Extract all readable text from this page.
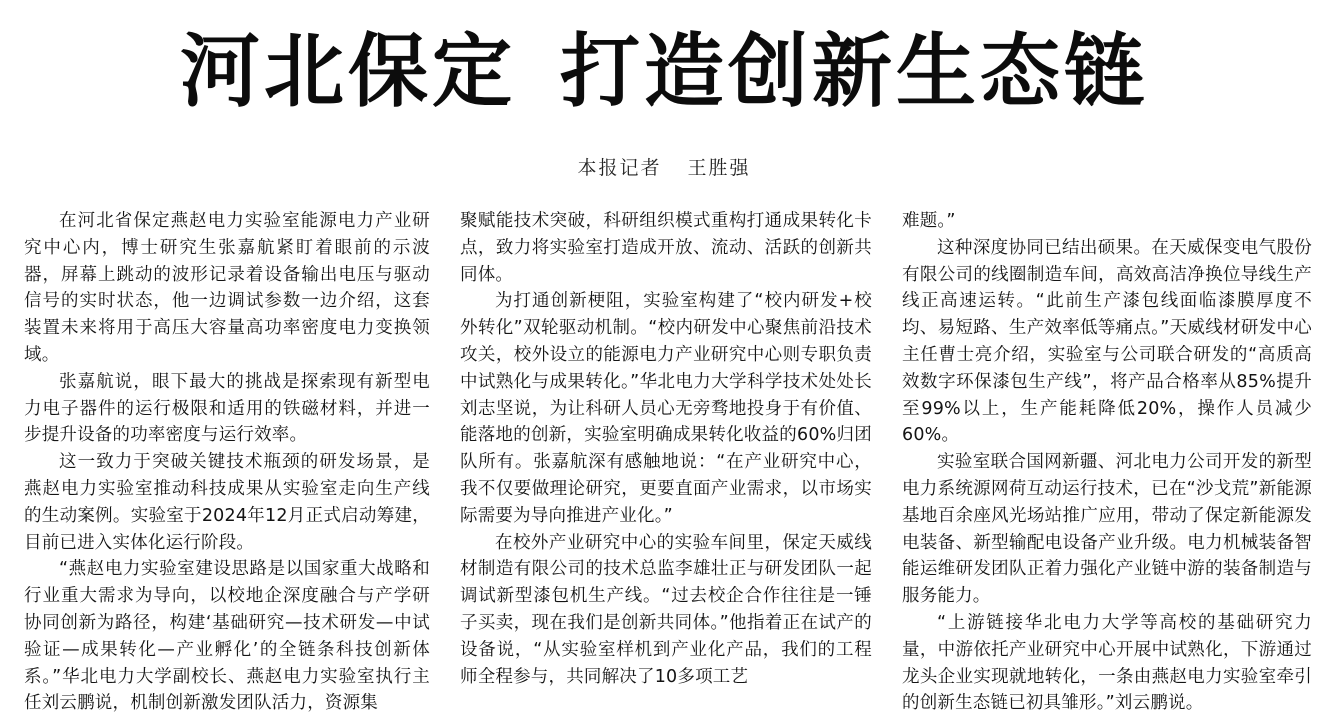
河北保定 打造创新生态链
本报记者 王胜强

在河北省保定燕赵电力实验室能源电力产业研究中心内，博士研究生张嘉航紧盯着眼前的示波器，屏幕上跳动的波形记录着设备输出电压与驱动信号的实时状态，他一边调试参数一边介绍，这套装置未来将用于高压大容量高功率密度电力变换领域。

张嘉航说，眼下最大的挑战是探索现有新型电力电子器件的运行极限和适用的铁磁材料，并进一步提升设备的功率密度与运行效率。

这一致力于突破关键技术瓶颈的研发场景，是燕赵电力实验室推动科技成果从实验室走向生产线的生动案例。实验室于2024年12月正式启动筹建，目前已进入实体化运行阶段。

“燕赵电力实验室建设思路是以国家重大战略和行业重大需求为导向，以校地企深度融合与产学研协同创新为路径，构建‘基础研究—技术研发—中试验证—成果转化—产业孵化’的全链条科技创新体系。”华北电力大学副校长、燕赵电力实验室执行主任刘云鹏说，机制创新激发团队活力，资源集

聚赋能技术突破，科研组织模式重构打通成果转化卡点，致力将实验室打造成开放、流动、活跃的创新共同体。

为打通创新梗阻，实验室构建了“校内研发+校外转化”双轮驱动机制。“校内研发中心聚焦前沿技术攻关，校外设立的能源电力产业研究中心则专职负责中试熟化与成果转化。”华北电力大学科学技术处处长刘志坚说，为让科研人员心无旁骛地投身于有价值、能落地的创新，实验室明确成果转化收益的60%归团队所有。张嘉航深有感触地说：“在产业研究中心，我不仅要做理论研究，更要直面产业需求，以市场实际需要为导向推进产业化。”

在校外产业研究中心的实验车间里，保定天威线材制造有限公司的技术总监李雄壮正与研发团队一起调试新型漆包机生产线。“过去校企合作往往是一锤子买卖，现在我们是创新共同体。”他指着正在试产的设备说，“从实验室样机到产业化产品，我们的工程师全程参与，共同解决了10多项工艺

难题。”

这种深度协同已结出硕果。在天威保变电气股份有限公司的线圈制造车间，高效高洁净换位导线生产线正高速运转。“此前生产漆包线面临漆膜厚度不均、易短路、生产效率低等痛点。”天威线材研发中心主任曹士亮介绍，实验室与公司联合研发的“高质高效数字环保漆包生产线”，将产品合格率从85%提升至99%以上，生产能耗降低20%，操作人员减少60%。

实验室联合国网新疆、河北电力公司开发的新型电力系统源网荷互动运行技术，已在“沙戈荒”新能源基地百余座风光场站推广应用，带动了保定新能源发电装备、新型输配电设备产业升级。电力机械装备智能运维研发团队正着力强化产业链中游的装备制造与服务能力。

“上游链接华北电力大学等高校的基础研究力量，中游依托产业研究中心开展中试熟化，下游通过龙头企业实现就地转化，一条由燕赵电力实验室牵引的创新生态链已初具雏形。”刘云鹏说。
